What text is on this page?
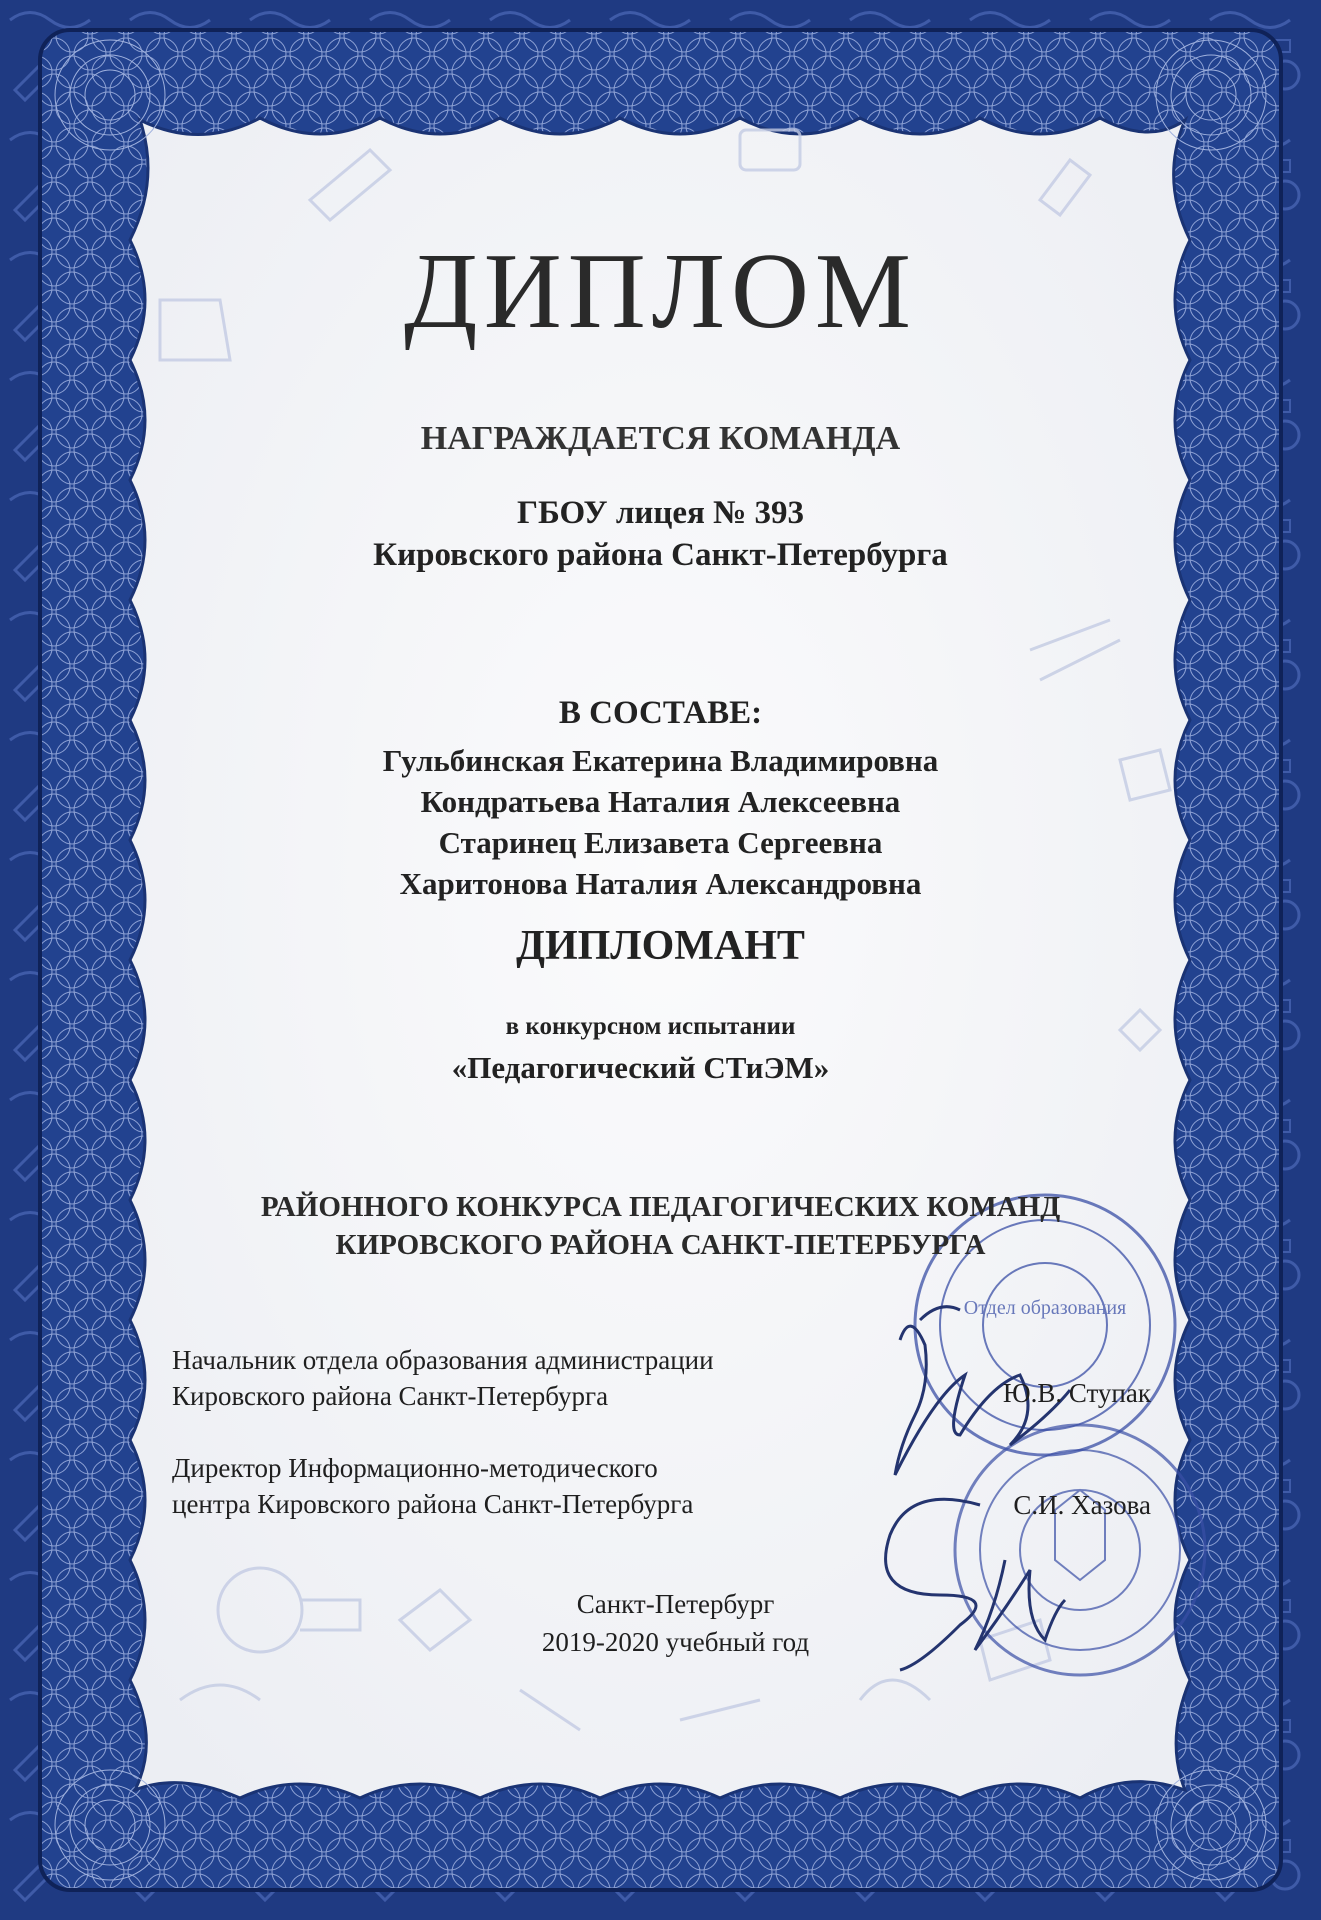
Отдел образования
ДИПЛОМ
НАГРАЖДАЕТСЯ КОМАНДА
ГБОУ лицея № 393
Кировского района Санкт-Петербурга
В СОСТАВЕ:
Гульбинская Екатерина Владимировна
Кондратьева Наталия Алексеевна
Старинец Елизавета Сергеевна
Харитонова Наталия Александровна
ДИПЛОМАНТ
в конкурсном испытании
«Педагогический СТиЭМ»
РАЙОННОГО КОНКУРСА ПЕДАГОГИЧЕСКИХ КОМАНД
КИРОВСКОГО РАЙОНА САНКТ-ПЕТЕРБУРГА
Начальник отдела образования администрации
Кировского района Санкт-Петербурга	Ю.В. Ступак
Директор Информационно-методического
центра Кировского района Санкт-Петербурга	С.И. Хазова
Санкт-Петербург
2019-2020 учебный год
